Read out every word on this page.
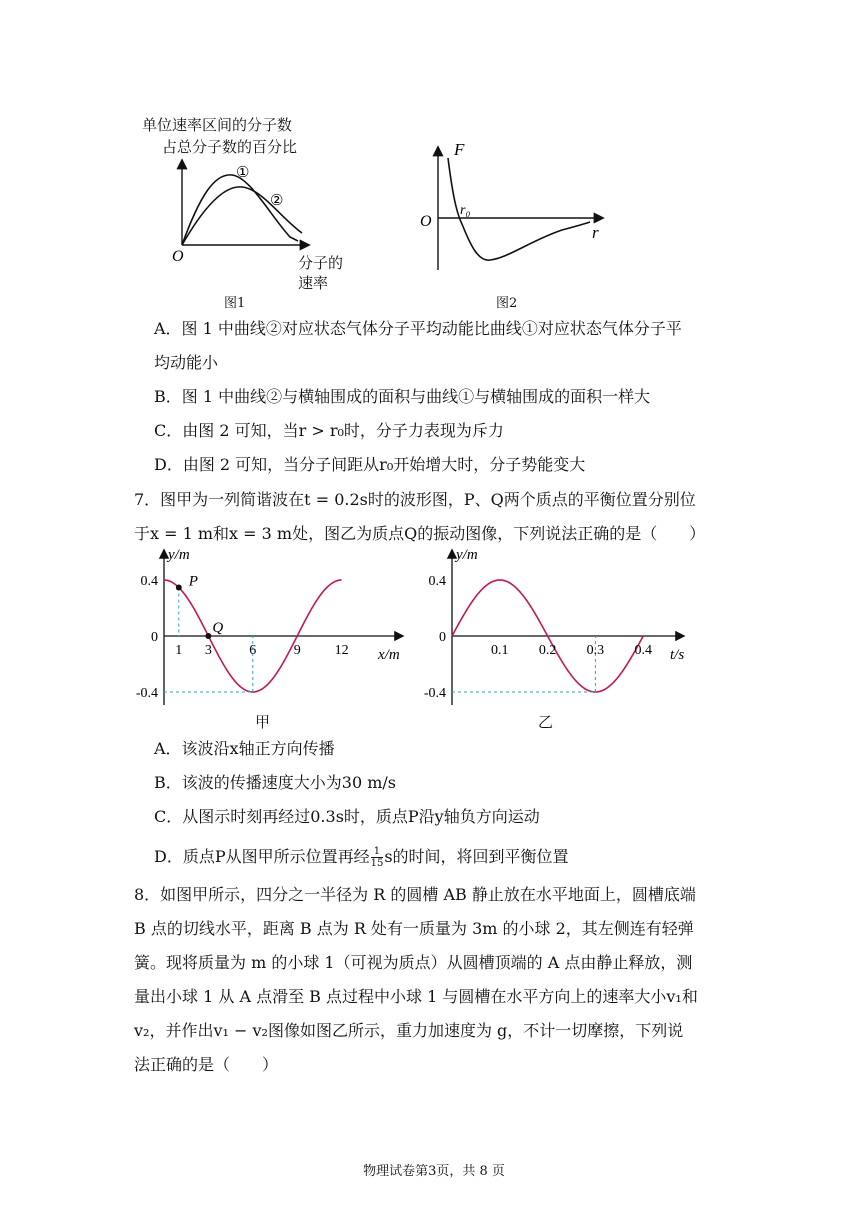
单位速率区间的分子数
占总分子数的百分比
①
②
O	分子的
速率
图1
F
O
r₀
r
图2
A．图 1 中曲线②对应状态气体分子平均动能比曲线①对应状态气体分子平
均动能小
B．图 1 中曲线②与横轴围成的面积与曲线①与横轴围成的面积一样大
C．由图 2 可知，当r > r₀时，分子力表现为斥力
D．由图 2 可知，当分子间距从r₀开始增大时，分子势能变大
7．图甲为一列简谐波在t = 0.2s时的波形图，P、Q两个质点的平衡位置分别位
于x = 1 m和x = 3 m处，图乙为质点Q的振动图像，下列说法正确的是（　　）
y/m
x/m
P
Q
0.4
0
-0.4
1 3	6	9 12
甲
y/m
t/s
0.4
0
-0.4
0.1 0.2 0.3 0.4
乙
A．该波沿x轴正方向传播
B．该波的传播速度大小为30 m/s
C．从图示时刻再经过0.3s时，质点P沿y轴负方向运动
D．质点P从图甲所示位置再经 $\frac{1}{15}$ s的时间，将回到平衡位置
8．如图甲所示，四分之一半径为 R 的圆槽 AB 静止放在水平地面上，圆槽底端
B 点的切线水平，距离 B 点为 R 处有一质量为 3m 的小球 2，其左侧连有轻弹
簧。现将质量为 m 的小球 1（可视为质点）从圆槽顶端的 A 点由静止释放，测
量出小球 1 从 A 点滑至 B 点过程中小球 1 与圆槽在水平方向上的速率大小v₁和
v₂，并作出v₁ − v₂图像如图乙所示，重力加速度为 g，不计一切摩擦，下列说
法正确的是（　　）
物理试卷第3页，共 8 页
